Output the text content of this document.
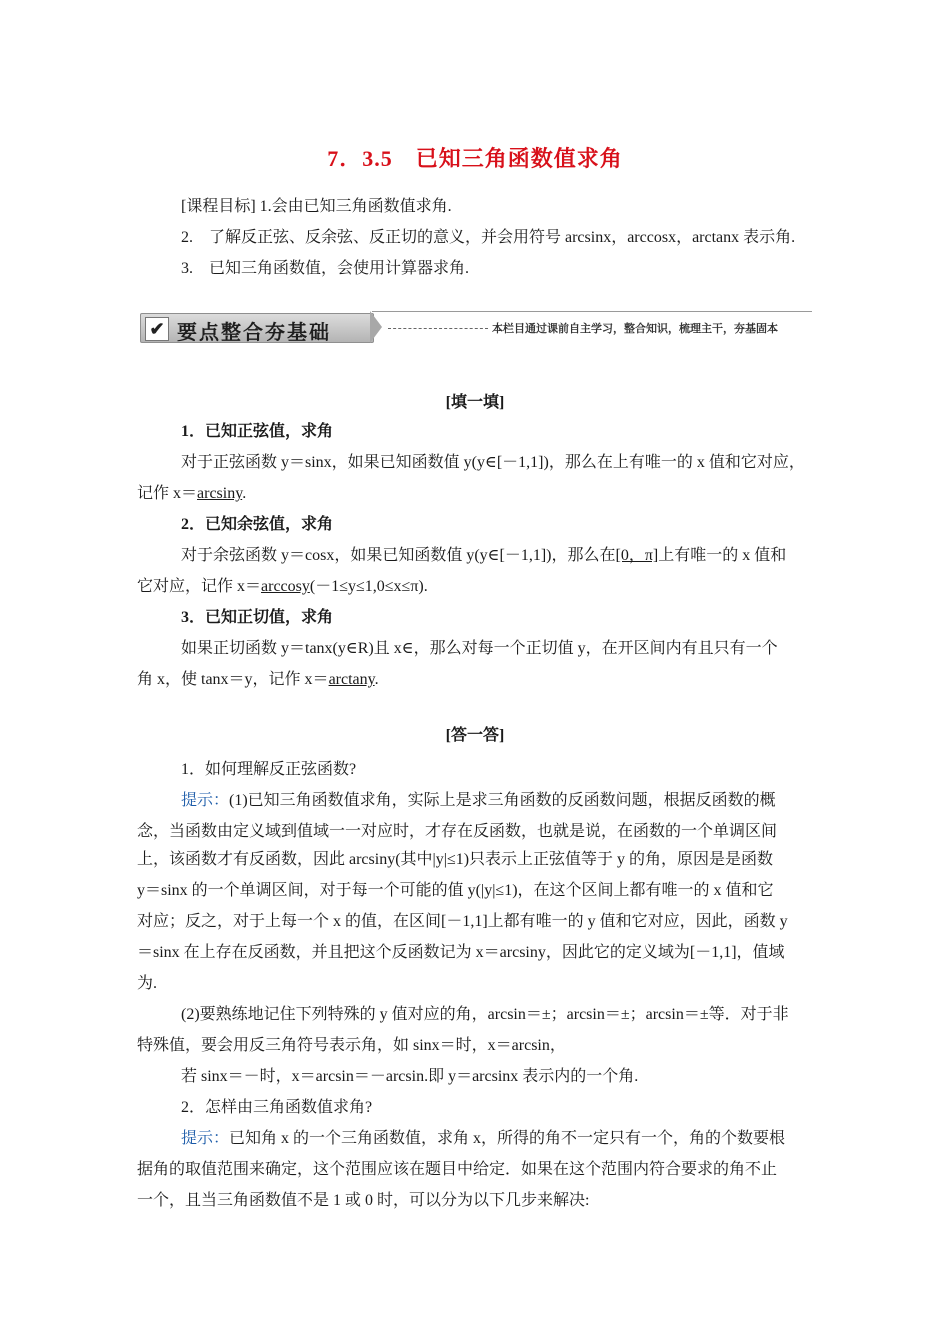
7．3.5　已知三角函数值求角
[课程目标] 1.会由已知三角函数值求角.
2.　了解反正弦、反余弦、反正切的意义，并会用符号 arcsinx，arccosx，arctanx 表示角.
3.　已知三角函数值，会使用计算器求角.
✔ 要点整合夯基础	本栏目通过课前自主学习，整合知识，梳理主干，夯基固本
[填一填]
1．已知正弦值，求角
对于正弦函数 y＝sinx，如果已知函数值 y(y∈[－1,1])，那么在上有唯一的 x 值和它对应，
记作 x＝arcsiny.
2．已知余弦值，求角
对于余弦函数 y＝cosx，如果已知函数值 y(y∈[－1,1])，那么在[0，π]上有唯一的 x 值和
它对应，记作 x＝arccosy(－1≤y≤1,0≤x≤π).
3．已知正切值，求角
如果正切函数 y＝tanx(y∈R)且 x∈，那么对每一个正切值 y，在开区间内有且只有一个
角 x，使 tanx＝y，记作 x＝arctany.
[答一答]
1．如何理解反正弦函数?
提示：(1)已知三角函数值求角，实际上是求三角函数的反函数问题，根据反函数的概
念，当函数由定义域到值域一一对应时，才存在反函数，也就是说，在函数的一个单调区间
上，该函数才有反函数，因此 arcsiny(其中|y|≤1)只表示上正弦值等于 y 的角，原因是是函数
y＝sinx 的一个单调区间，对于每一个可能的值 y(|y|≤1)，在这个区间上都有唯一的 x 值和它
对应；反之，对于上每一个 x 的值，在区间[－1,1]上都有唯一的 y 值和它对应，因此，函数 y
＝sinx 在上存在反函数，并且把这个反函数记为 x＝arcsiny，因此它的定义域为[－1,1]，值域
为.
(2)要熟练地记住下列特殊的 y 值对应的角，arcsin＝±；arcsin＝±；arcsin＝±等．对于非
特殊值，要会用反三角符号表示角，如 sinx＝时，x＝arcsin，
若 sinx＝－时，x＝arcsin＝－arcsin.即 y＝arcsinx 表示内的一个角.
2．怎样由三角函数值求角?
提示：已知角 x 的一个三角函数值，求角 x，所得的角不一定只有一个，角的个数要根
据角的取值范围来确定，这个范围应该在题目中给定．如果在这个范围内符合要求的角不止
一个，且当三角函数值不是 1 或 0 时，可以分为以下几步来解决:
